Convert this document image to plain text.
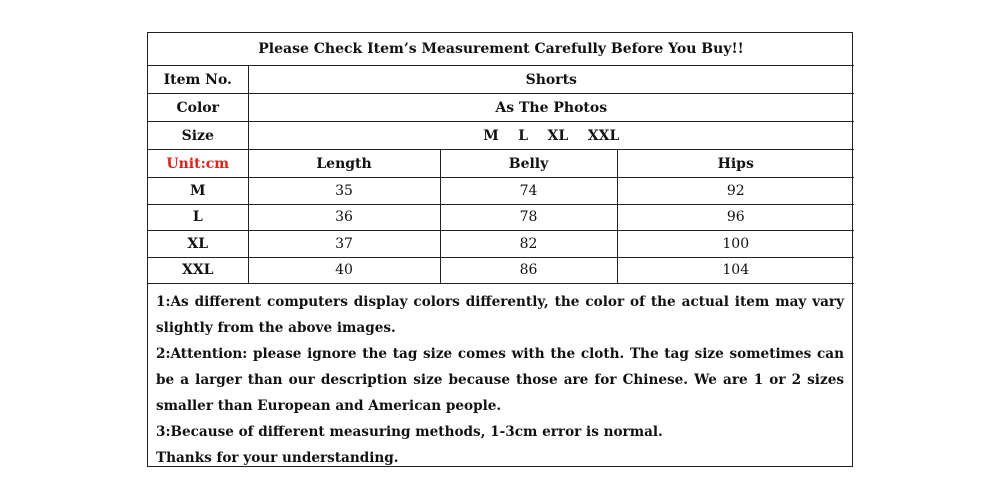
Please Check Item’s Measurement Carefully Before You Buy!!			
Item No.	Shorts		
Color	As The Photos		
Size	M    L    XL    XXL		
Unit:cm	Length	Belly	Hips
M	35	74	92
L	36	78	96
XL	37	82	100
XXL	40	86	104

1:As different computers display colors differently, the color of the actual item may vary slightly from the above images.

2:Attention: please ignore the tag size comes with the cloth. The tag size sometimes can be a larger than our description size because those are for Chinese. We are 1 or 2 sizes smaller than European and American people.

3:Because of different measuring methods, 1-3cm error is normal.

Thanks for your understanding.
